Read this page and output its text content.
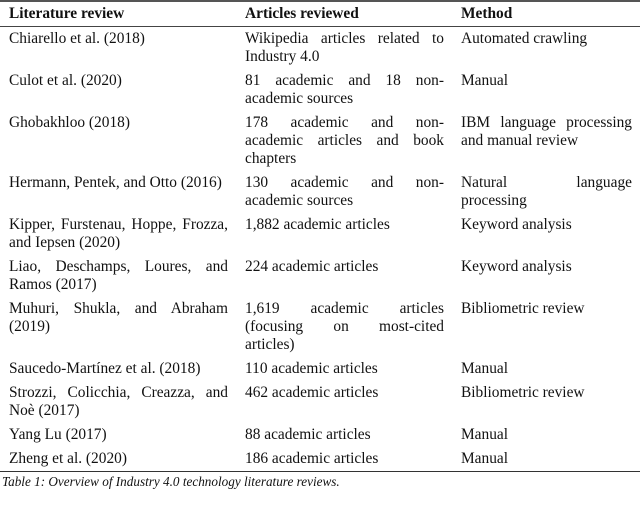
Literature review	Articles reviewed	Method
Chiarello et al. (2018)	Wikipedia articles related to Industry 4.0	Automated crawling
Culot et al. (2020)	81 academic and 18 non-academic sources	Manual
Ghobakhloo (2018)	178 academic and non-academic articles and book chapters	IBM language processing and manual review
Hermann, Pentek, and Otto (2016)	130 academic and non-academic sources	Natural language processing
Kipper, Furstenau, Hoppe, Frozza, and Iepsen (2020)	1,882 academic articles	Keyword analysis
Liao, Deschamps, Loures, and Ramos (2017)	224 academic articles	Keyword analysis
Muhuri, Shukla, and Abraham (2019)	1,619 academic articles (focusing on most-cited articles)	Bibliometric review
Saucedo-Martínez et al. (2018)	110 academic articles	Manual
Strozzi, Colicchia, Creazza, and Noè (2017)	462 academic articles	Bibliometric review
Yang Lu (2017)	88 academic articles	Manual
Zheng et al. (2020)	186 academic articles	Manual
Table 1: Overview of Industry 4.0 technology literature reviews.
